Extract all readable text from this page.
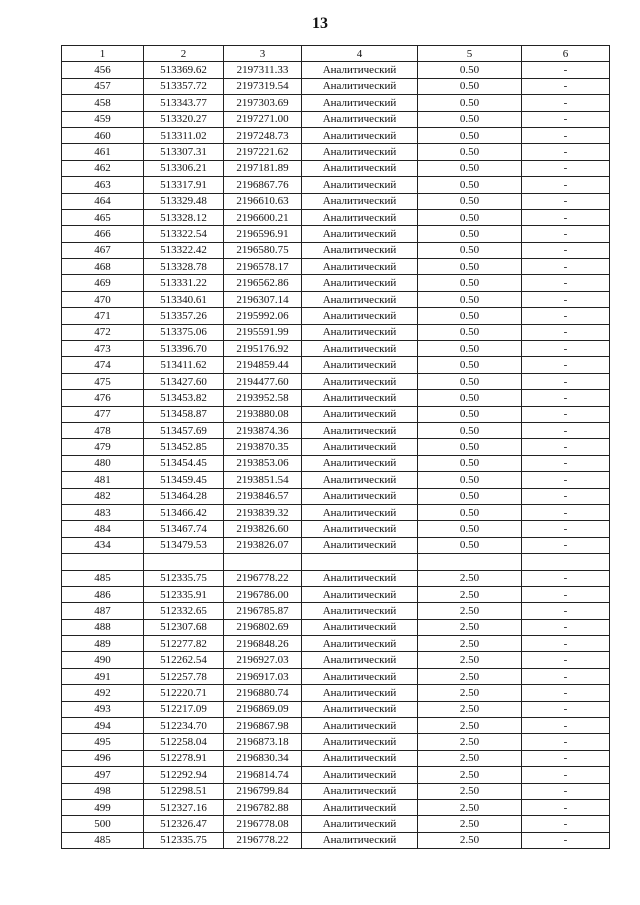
13
1	2	3	4	5	6
456	513369.62	2197311.33	Аналитический	0.50	-
457	513357.72	2197319.54	Аналитический	0.50	-
458	513343.77	2197303.69	Аналитический	0.50	-
459	513320.27	2197271.00	Аналитический	0.50	-
460	513311.02	2197248.73	Аналитический	0.50	-
461	513307.31	2197221.62	Аналитический	0.50	-
462	513306.21	2197181.89	Аналитический	0.50	-
463	513317.91	2196867.76	Аналитический	0.50	-
464	513329.48	2196610.63	Аналитический	0.50	-
465	513328.12	2196600.21	Аналитический	0.50	-
466	513322.54	2196596.91	Аналитический	0.50	-
467	513322.42	2196580.75	Аналитический	0.50	-
468	513328.78	2196578.17	Аналитический	0.50	-
469	513331.22	2196562.86	Аналитический	0.50	-
470	513340.61	2196307.14	Аналитический	0.50	-
471	513357.26	2195992.06	Аналитический	0.50	-
472	513375.06	2195591.99	Аналитический	0.50	-
473	513396.70	2195176.92	Аналитический	0.50	-
474	513411.62	2194859.44	Аналитический	0.50	-
475	513427.60	2194477.60	Аналитический	0.50	-
476	513453.82	2193952.58	Аналитический	0.50	-
477	513458.87	2193880.08	Аналитический	0.50	-
478	513457.69	2193874.36	Аналитический	0.50	-
479	513452.85	2193870.35	Аналитический	0.50	-
480	513454.45	2193853.06	Аналитический	0.50	-
481	513459.45	2193851.54	Аналитический	0.50	-
482	513464.28	2193846.57	Аналитический	0.50	-
483	513466.42	2193839.32	Аналитический	0.50	-
484	513467.74	2193826.60	Аналитический	0.50	-
434	513479.53	2193826.07	Аналитический	0.50	-

485	512335.75	2196778.22	Аналитический	2.50	-
486	512335.91	2196786.00	Аналитический	2.50	-
487	512332.65	2196785.87	Аналитический	2.50	-
488	512307.68	2196802.69	Аналитический	2.50	-
489	512277.82	2196848.26	Аналитический	2.50	-
490	512262.54	2196927.03	Аналитический	2.50	-
491	512257.78	2196917.03	Аналитический	2.50	-
492	512220.71	2196880.74	Аналитический	2.50	-
493	512217.09	2196869.09	Аналитический	2.50	-
494	512234.70	2196867.98	Аналитический	2.50	-
495	512258.04	2196873.18	Аналитический	2.50	-
496	512278.91	2196830.34	Аналитический	2.50	-
497	512292.94	2196814.74	Аналитический	2.50	-
498	512298.51	2196799.84	Аналитический	2.50	-
499	512327.16	2196782.88	Аналитический	2.50	-
500	512326.47	2196778.08	Аналитический	2.50	-
485	512335.75	2196778.22	Аналитический	2.50	-
